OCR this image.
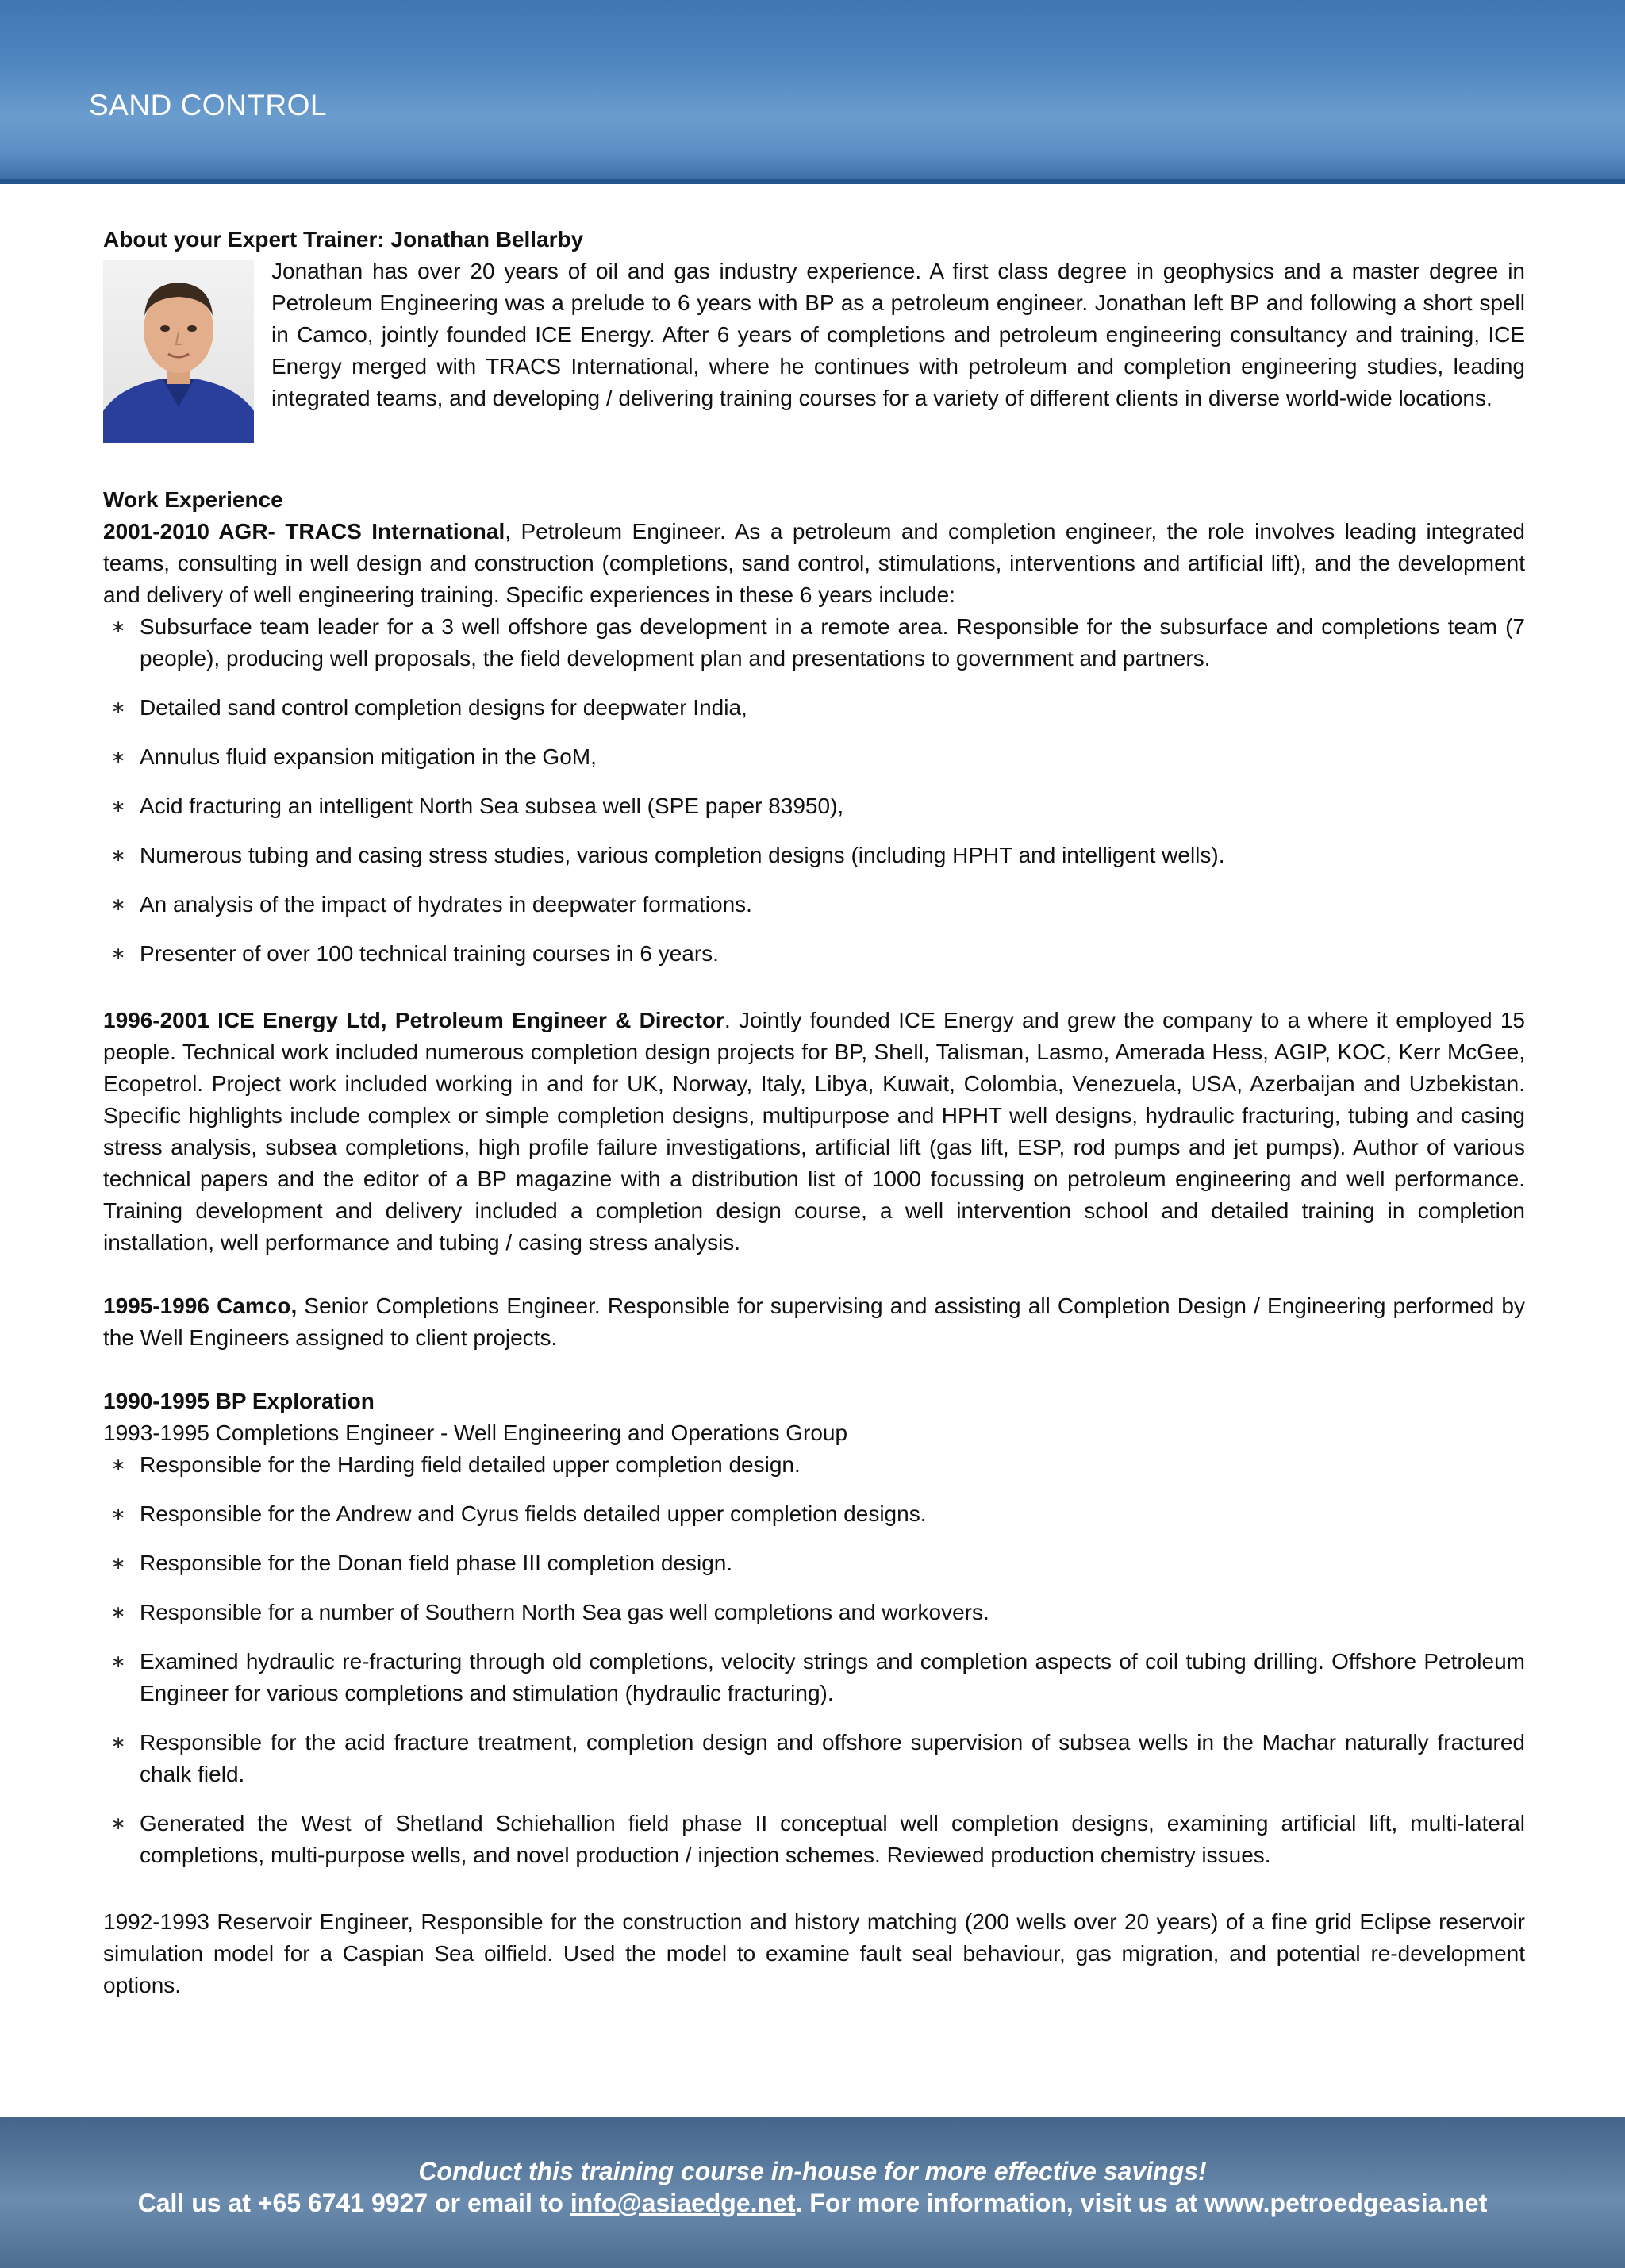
SAND CONTROL

About your Expert Trainer: Jonathan Bellarby

Jonathan has over 20 years of oil and gas industry experience. A first class degree in geophysics and a master degree in Petroleum Engineering was a prelude to 6 years with BP as a petroleum engineer. Jonathan left BP and following a short spell in Camco, jointly founded ICE Energy. After 6 years of completions and petroleum engineering consultancy and training, ICE Energy merged with TRACS International, where he continues with petroleum and completion engineering studies, leading integrated teams, and developing / delivering training courses for a variety of different clients in diverse world-wide locations.

Work Experience

2001-2010 AGR- TRACS International, Petroleum Engineer. As a petroleum and completion engineer, the role involves leading integrated teams, consulting in well design and construction (completions, sand control, stimulations, interventions and artificial lift), and the development and delivery of well engineering training. Specific experiences in these 6 years include:

∗ Subsurface team leader for a 3 well offshore gas development in a remote area. Responsible for the subsurface and completions team (7 people), producing well proposals, the field development plan and presentations to government and partners.
∗ Detailed sand control completion designs for deepwater India,
∗ Annulus fluid expansion mitigation in the GoM,
∗ Acid fracturing an intelligent North Sea subsea well (SPE paper 83950),
∗ Numerous tubing and casing stress studies, various completion designs (including HPHT and intelligent wells).
∗ An analysis of the impact of hydrates in deepwater formations.
∗ Presenter of over 100 technical training courses in 6 years.

1996-2001 ICE Energy Ltd, Petroleum Engineer & Director. Jointly founded ICE Energy and grew the company to a where it employed 15 people. Technical work included numerous completion design projects for BP, Shell, Talisman, Lasmo, Amerada Hess, AGIP, KOC, Kerr McGee, Ecopetrol. Project work included working in and for UK, Norway, Italy, Libya, Kuwait, Colombia, Venezuela, USA, Azerbaijan and Uzbekistan. Specific highlights include complex or simple completion designs, multipurpose and HPHT well designs, hydraulic fracturing, tubing and casing stress analysis, subsea completions, high profile failure investigations, artificial lift (gas lift, ESP, rod pumps and jet pumps). Author of various technical papers and the editor of a BP magazine with a distribution list of 1000 focussing on petroleum engineering and well performance. Training development and delivery included a completion design course, a well intervention school and detailed training in completion installation, well performance and tubing / casing stress analysis.

1995-1996 Camco, Senior Completions Engineer. Responsible for supervising and assisting all Completion Design / Engineering performed by the Well Engineers assigned to client projects.

1990-1995 BP Exploration

1993-1995 Completions Engineer - Well Engineering and Operations Group

∗ Responsible for the Harding field detailed upper completion design.
∗ Responsible for the Andrew and Cyrus fields detailed upper completion designs.
∗ Responsible for the Donan field phase III completion design.
∗ Responsible for a number of Southern North Sea gas well completions and workovers.
∗ Examined hydraulic re-fracturing through old completions, velocity strings and completion aspects of coil tubing drilling. Offshore Petroleum Engineer for various completions and stimulation (hydraulic fracturing).
∗ Responsible for the acid fracture treatment, completion design and offshore supervision of subsea wells in the Machar naturally fractured chalk field.
∗ Generated the West of Shetland Schiehallion field phase II conceptual well completion designs, examining artificial lift, multi-lateral completions, multi-purpose wells, and novel production / injection schemes. Reviewed production chemistry issues.

1992-1993 Reservoir Engineer, Responsible for the construction and history matching (200 wells over 20 years) of a fine grid Eclipse reservoir simulation model for a Caspian Sea oilfield. Used the model to examine fault seal behaviour, gas migration, and potential re-development options.

Conduct this training course in-house for more effective savings!
Call us at +65 6741 9927 or email to info@asiaedge.net. For more information, visit us at www.petroedgeasia.net
